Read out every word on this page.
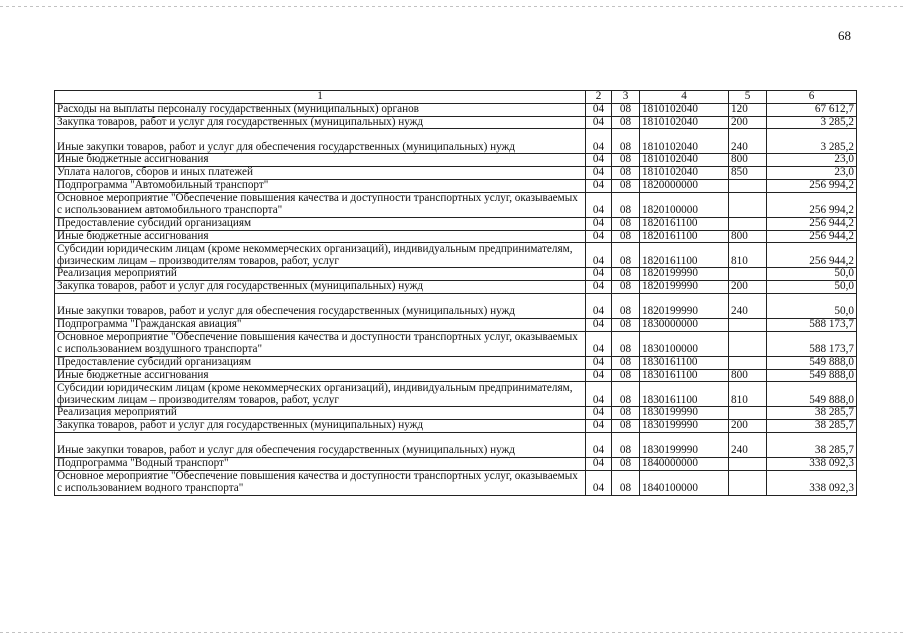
68
1	2	3	4	5	6
Расходы на выплаты персоналу государственных (муниципальных) органов	04	08	1810102040	120	67 612,7
Закупка товаров, работ и услуг для государственных (муниципальных) нужд	04	08	1810102040	200	3 285,2
Иные закупки товаров, работ и услуг для обеспечения государственных (муниципальных) нужд	04	08	1810102040	240	3 285,2
Иные бюджетные ассигнования	04	08	1810102040	800	23,0
Уплата налогов, сборов и иных платежей	04	08	1810102040	850	23,0
Подпрограмма "Автомобильный транспорт"	04	08	1820000000		256 994,2
Основное мероприятие "Обеспечение повышения качества и доступности транспортных услуг, оказываемых с использованием автомобильного транспорта"	04	08	1820100000		256 994,2
Предоставление субсидий организациям	04	08	1820161100		256 944,2
Иные бюджетные ассигнования	04	08	1820161100	800	256 944,2
Субсидии юридическим лицам (кроме некоммерческих организаций), индивидуальным предпринимателям, физическим лицам – производителям товаров, работ, услуг	04	08	1820161100	810	256 944,2
Реализация мероприятий	04	08	1820199990		50,0
Закупка товаров, работ и услуг для государственных (муниципальных) нужд	04	08	1820199990	200	50,0
Иные закупки товаров, работ и услуг для обеспечения государственных (муниципальных) нужд	04	08	1820199990	240	50,0
Подпрограмма "Гражданская авиация"	04	08	1830000000		588 173,7
Основное мероприятие "Обеспечение повышения качества и доступности транспортных услуг, оказываемых с использованием воздушного транспорта"	04	08	1830100000		588 173,7
Предоставление субсидий организациям	04	08	1830161100		549 888,0
Иные бюджетные ассигнования	04	08	1830161100	800	549 888,0
Субсидии юридическим лицам (кроме некоммерческих организаций), индивидуальным предпринимателям, физическим лицам – производителям товаров, работ, услуг	04	08	1830161100	810	549 888,0
Реализация мероприятий	04	08	1830199990		38 285,7
Закупка товаров, работ и услуг для государственных (муниципальных) нужд	04	08	1830199990	200	38 285,7
Иные закупки товаров, работ и услуг для обеспечения государственных (муниципальных) нужд	04	08	1830199990	240	38 285,7
Подпрограмма "Водный транспорт"	04	08	1840000000		338 092,3
Основное мероприятие "Обеспечение повышения качества и доступности транспортных услуг, оказываемых с использованием водного транспорта"	04	08	1840100000		338 092,3
